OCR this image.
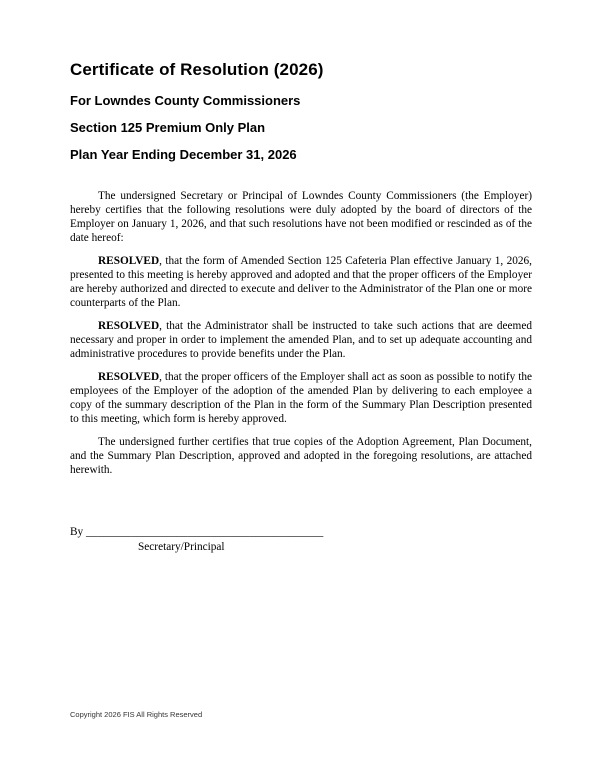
Certificate of Resolution (2026)
For Lowndes County Commissioners
Section 125 Premium Only Plan
Plan Year Ending December 31, 2026

The undersigned Secretary or Principal of Lowndes County Commissioners (the Employer) hereby certifies that the following resolutions were duly adopted by the board of directors of the Employer on January 1, 2026, and that such resolutions have not been modified or rescinded as of the date hereof:

RESOLVED, that the form of Amended Section 125 Cafeteria Plan effective January 1, 2026, presented to this meeting is hereby approved and adopted and that the proper officers of the Employer are hereby authorized and directed to execute and deliver to the Administrator of the Plan one or more counterparts of the Plan.

RESOLVED, that the Administrator shall be instructed to take such actions that are deemed necessary and proper in order to implement the amended Plan, and to set up adequate accounting and administrative procedures to provide benefits under the Plan.

RESOLVED, that the proper officers of the Employer shall act as soon as possible to notify the employees of the Employer of the adoption of the amended Plan by delivering to each employee a copy of the summary description of the Plan in the form of the Summary Plan Description presented to this meeting, which form is hereby approved.

The undersigned further certifies that true copies of the Adoption Agreement, Plan Document, and the Summary Plan Description, approved and adopted in the foregoing resolutions, are attached herewith.

By __________________________________________
Secretary/Principal
Copyright 2026 FIS All Rights Reserved
